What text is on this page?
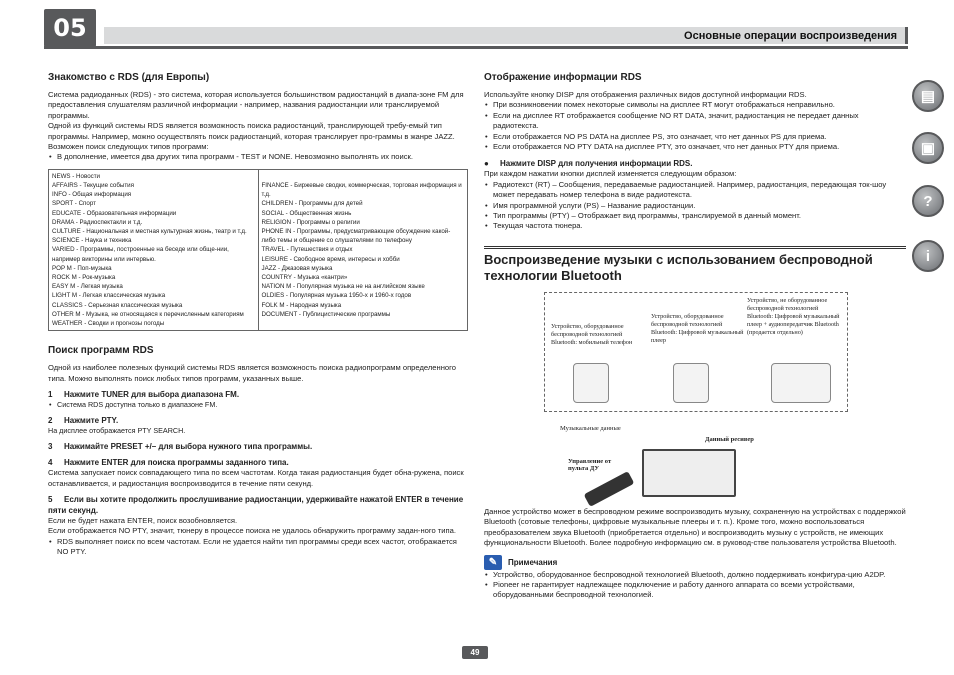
05	Основные операции воспроизведения
▤
▣
?
i
Знакомство с RDS (для Европы)

Система радиоданных (RDS) - это система, которая используется большинством радиостанций в диапа-зоне FM для предоставления слушателям различной информации - например, названия радиостанции или транслируемой программы.

Одной из функций системы RDS является возможность поиска радиостанций, транслирующей требу-емый тип программы. Например, можно осуществлять поиск радиостанций, которая транслирует про-граммы в жанре JAZZ.

Возможен поиск следующих типов программ:

• В дополнение, имеется два других типа программ - TEST и NONE. Невозможно выполнять их поиск.
NEWS - Новости
AFFAIRS - Текущие события
INFO - Общая информация
SPORT - Спорт
EDUCATE - Образовательная информации
DRAMA - Радиоспектакли и т.д.
CULTURE - Национальная и местная культурная жизнь, театр и т.д.
SCIENCE - Наука и техника
VARIED - Программы, построенные на беседе или обще-нии, например викторины или интервью.
POP M - Поп-музыка
ROCK M - Рок-музыка
EASY M - Легкая музыка
LIGHT M - Легкая классическая музыка
CLASSICS - Серьезная классическая музыка
OTHER M - Музыка, не относящаяся к перечисленным категориям
WEATHER - Сводки и прогнозы погоды

FINANCE - Биржевые сводки, коммерческая, торговая информация и т.д.
CHILDREN - Программы для детей
SOCIAL - Общественная жизнь
RELIGION - Программы о религии
PHONE IN - Программы, предусматривающие обсуждение какой-либо темы и общение со слушателями по телефону
TRAVEL - Путешествия и отдых
LEISURE - Свободное время, интересы и хобби
JAZZ - Джазовая музыка
COUNTRY - Музыка «кантри»
NATION M - Популярная музыка не на английском языке
OLDIES - Популярная музыка 1950-х и 1960-х годов
FOLK M - Народная музыка
DOCUMENT - Публицистические программы
Поиск программ RDS

Одной из наиболее полезных функций системы RDS является возможность поиска радиопрограмм определенного типа. Можно выполнять поиск любых типов программ, указанных выше.

1 Нажмите TUNER для выбора диапазона FM.
• Система RDS доступна только в диапазоне FM.
2 Нажмите PTY.

На дисплее отображается PTY SEARCH.

3 Нажимайте PRESET +/– для выбора нужного типа программы.
4 Нажмите ENTER для поиска программы заданного типа.

Система запускает поиск совпадающего типа по всем частотам. Когда такая радиостанция будет обна-ружена, поиск останавливается, и радиостанция воспроизводится в течение пяти секунд.

5 Если вы хотите продолжить прослушивание радиостанции, удерживайте нажатой ENTER в течение пяти секунд.

Если не будет нажата ENTER, поиск возобновляется.

Если отображается NO PTY, значит, тюнеру в процессе поиска не удалось обнаружить программу задан-ного типа.

• RDS выполняет поиск по всем частотам. Если не удается найти тип программы среди всех частот, отображается NO PTY.
Отображение информации RDS

Используйте кнопку DISP для отображения различных видов доступной информации RDS.

• При возникновении помех некоторые символы на дисплее RT могут отображаться неправильно.
• Если на дисплее RT отображается сообщение NO RT DATA, значит, радиостанция не передает данных радиотекста.
• Если отображается NO PS DATA на дисплее PS, это означает, что нет данных PS для приема.
• Если отображается NO PTY DATA на дисплее PTY, это означает, что нет данных PTY для приема.
● Нажмите DISP для получения информации RDS.

При каждом нажатии кнопки дисплей изменяется следующим образом:

• Радиотекст (RT) – Сообщения, передаваемые радиостанцией. Например, радиостанция, передающая ток-шоу может передавать номер телефона в виде радиотекста.
• Имя программной услуги (PS) – Название радиостанции.
• Тип программы (PTY) – Отображает вид программы, транслируемой в данный момент.
• Текущая частота тюнера.
Воспроизведение музыки с использованием беспроводной технологии Bluetooth
Устройство, оборудованное беспроводной технологией Bluetooth: мобильный телефон
Устройство, оборудованное беспроводной технологией Bluetooth: Цифровой музыкальный плеер
Устройство, не оборудованное беспроводной технологией Bluetooth: Цифровой музыкальный плеер + аудиопередатчик Bluetooth (продается отдельно)
Музыкальные данные
Данный ресивер
Управление от пульта ДУ

Данное устройство может в беспроводном режиме воспроизводить музыку, сохраненную на устройствах с поддержкой Bluetooth (сотовые телефоны, цифровые музыкальные плееры и т. п.). Кроме того, можно воспользоваться преобразователем звука Bluetooth (приобретается отдельно) и воспроизводить музыку с устройств, не имеющих функциональности Bluetooth. Более подробную информацию см. в руковод-стве пользователя устройства Bluetooth.

✎	Примечания
• Устройство, оборудованное беспроводной технологией Bluetooth, должно поддерживать конфигура-цию A2DP.
• Pioneer не гарантирует надлежащее подключение и работу данного аппарата со всеми устройствами, оборудованными беспроводной технологией.
49
